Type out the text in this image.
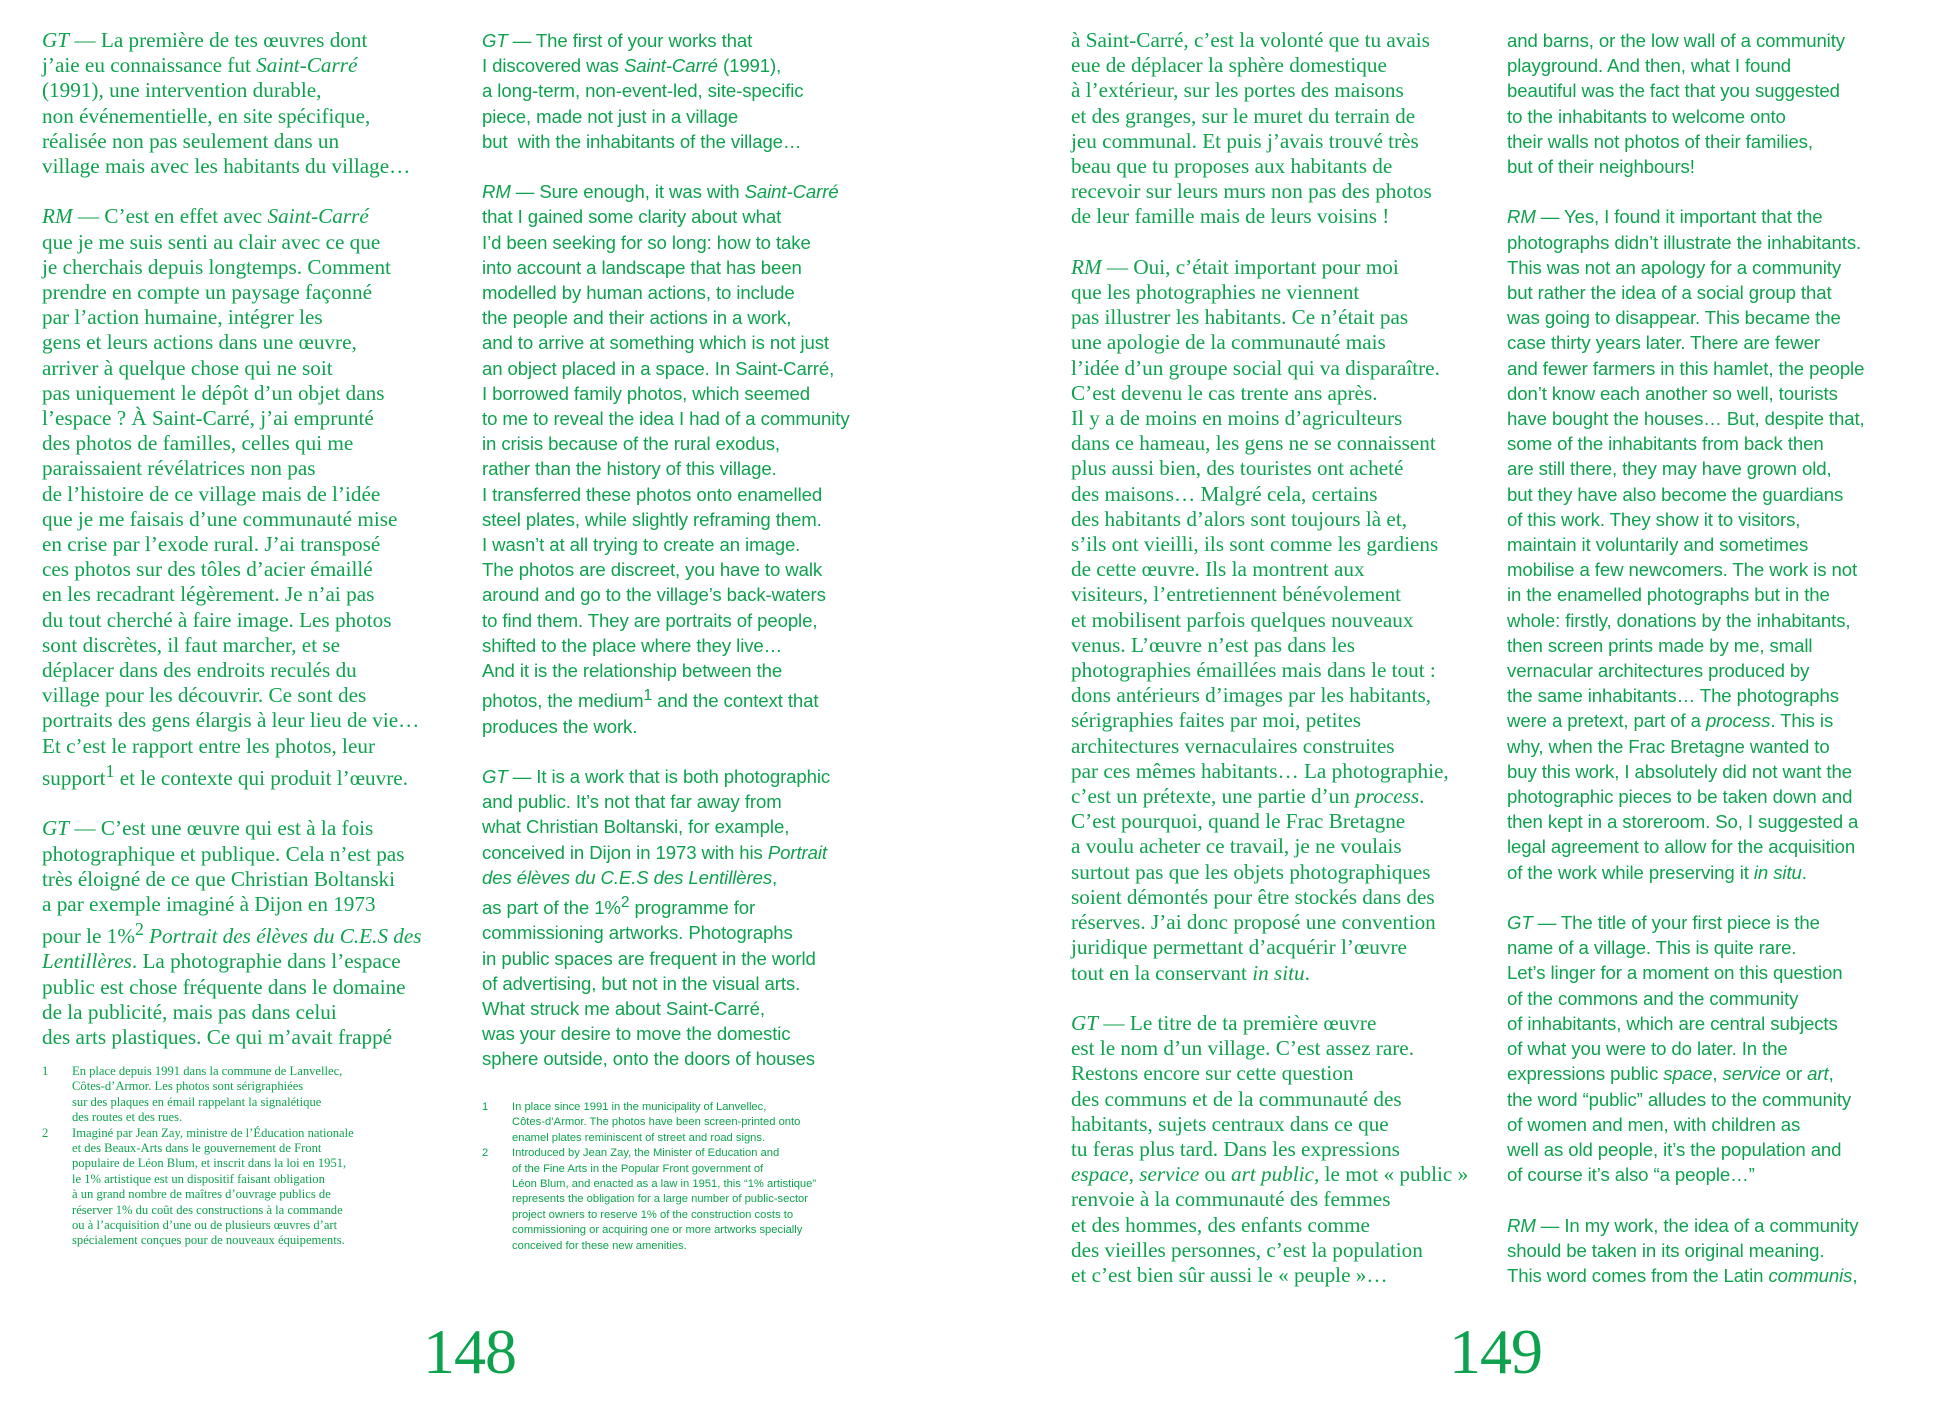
GT — La première de tes œuvres dont
j’aie eu connaissance fut Saint-Carré
(1991), une intervention durable,
non événementielle, en site spécifique,
réalisée non pas seulement dans un
village mais avec les habitants du village…
RM — C’est en effet avec Saint-Carré
que je me suis senti au clair avec ce que
je cherchais depuis longtemps. Comment
prendre en compte un paysage façonné
par l’action humaine, intégrer les
gens et leurs actions dans une œuvre,
arriver à quelque chose qui ne soit
pas uniquement le dépôt d’un objet dans
l’espace ? À Saint-Carré, j’ai emprunté
des photos de familles, celles qui me
paraissaient révélatrices non pas
de l’histoire de ce village mais de l’idée
que je me faisais d’une communauté mise
en crise par l’exode rural. J’ai transposé
ces photos sur des tôles d’acier émaillé
en les recadrant légèrement. Je n’ai pas
du tout cherché à faire image. Les photos
sont discrètes, il faut marcher, et se
déplacer dans des endroits reculés du
village pour les découvrir. Ce sont des
portraits des gens élargis à leur lieu de vie…
Et c’est le rapport entre les photos, leur
support$^1$ et le contexte qui produit l’œuvre.
GT — C’est une œuvre qui est à la fois
photographique et publique. Cela n’est pas
très éloigné de ce que Christian Boltanski
a par exemple imaginé à Dijon en 1973
pour le 1%$^2$ Portrait des élèves du C.E.S des
Lentillères. La photographie dans l’espace
public est chose fréquente dans le domaine
de la publicité, mais pas dans celui
des arts plastiques. Ce qui m’avait frappé
GT — The first of your works that
I discovered was Saint-Carré (1991),
a long-term, non-event-led, site-specific
piece, made not just in a village
but  with the inhabitants of the village…
RM — Sure enough, it was with Saint-Carré
that I gained some clarity about what
I’d been seeking for so long: how to take
into account a landscape that has been
modelled by human actions, to include
the people and their actions in a work,
and to arrive at something which is not just
an object placed in a space. In Saint-Carré,
I borrowed family photos, which seemed
to me to reveal the idea I had of a community
in crisis because of the rural exodus,
rather than the history of this village.
I transferred these photos onto enamelled
steel plates, while slightly reframing them.
I wasn’t at all trying to create an image.
The photos are discreet, you have to walk
around and go to the village’s back-waters
to find them. They are portraits of people,
shifted to the place where they live…
And it is the relationship between the
photos, the medium$^1$ and the context that
produces the work.
GT — It is a work that is both photographic
and public. It’s not that far away from
what Christian Boltanski, for example,
conceived in Dijon in 1973 with his Portrait
des élèves du C.E.S des Lentillères,
as part of the 1%$^2$ programme for
commissioning artworks. Photographs
in public spaces are frequent in the world
of advertising, but not in the visual arts.
What struck me about Saint-Carré,
was your desire to move the domestic
sphere outside, onto the doors of houses
1	En place depuis 1991 dans la commune de Lanvellec,
Côtes-d’Armor. Les photos sont sérigraphiées
sur des plaques en émail rappelant la signalétique
des routes et des rues.
2	Imaginé par Jean Zay, ministre de l’Éducation nationale
et des Beaux-Arts dans le gouvernement de Front
populaire de Léon Blum, et inscrit dans la loi en 1951,
le 1% artistique est un dispositif faisant obligation
à un grand nombre de maîtres d’ouvrage publics de
réserver 1% du coût des constructions à la commande
ou à l’acquisition d’une ou de plusieurs œuvres d’art
spécialement conçues pour de nouveaux équipements.
1	In place since 1991 in the municipality of Lanvellec,
Côtes-d’Armor. The photos have been screen-printed onto
enamel plates reminiscent of street and road signs.
2	Introduced by Jean Zay, the Minister of Education and
of the Fine Arts in the Popular Front government of
Léon Blum, and enacted as a law in 1951, this “1% artistique”
represents the obligation for a large number of public-sector
project owners to reserve 1% of the construction costs to
commissioning or acquiring one or more artworks specially
conceived for these new amenities.
148
à Saint-Carré, c’est la volonté que tu avais
eue de déplacer la sphère domestique
à l’extérieur, sur les portes des maisons
et des granges, sur le muret du terrain de
jeu communal. Et puis j’avais trouvé très
beau que tu proposes aux habitants de
recevoir sur leurs murs non pas des photos
de leur famille mais de leurs voisins !
RM — Oui, c’était important pour moi
que les photographies ne viennent
pas illustrer les habitants. Ce n’était pas
une apologie de la communauté mais
l’idée d’un groupe social qui va disparaître.
C’est devenu le cas trente ans après.
Il y a de moins en moins d’agriculteurs
dans ce hameau, les gens ne se connaissent
plus aussi bien, des touristes ont acheté
des maisons… Malgré cela, certains
des habitants d’alors sont toujours là et,
s’ils ont vieilli, ils sont comme les gardiens
de cette œuvre. Ils la montrent aux
visiteurs, l’entretiennent bénévolement
et mobilisent parfois quelques nouveaux
venus. L’œuvre n’est pas dans les
photographies émaillées mais dans le tout :
dons antérieurs d’images par les habitants,
sérigraphies faites par moi, petites
architectures vernaculaires construites
par ces mêmes habitants… La photographie,
c’est un prétexte, une partie d’un process.
C’est pourquoi, quand le Frac Bretagne
a voulu acheter ce travail, je ne voulais
surtout pas que les objets photographiques
soient démontés pour être stockés dans des
réserves. J’ai donc proposé une convention
juridique permettant d’acquérir l’œuvre
tout en la conservant in situ.
GT — Le titre de ta première œuvre
est le nom d’un village. C’est assez rare.
Restons encore sur cette question
des communs et de la communauté des
habitants, sujets centraux dans ce que
tu feras plus tard. Dans les expressions
espace, service ou art public, le mot « public »
renvoie à la communauté des femmes
et des hommes, des enfants comme
des vieilles personnes, c’est la population
et c’est bien sûr aussi le « peuple »…
and barns, or the low wall of a community
playground. And then, what I found
beautiful was the fact that you suggested
to the inhabitants to welcome onto
their walls not photos of their families,
but of their neighbours!
RM — Yes, I found it important that the
photographs didn’t illustrate the inhabitants.
This was not an apology for a community
but rather the idea of a social group that
was going to disappear. This became the
case thirty years later. There are fewer
and fewer farmers in this hamlet, the people
don’t know each another so well, tourists
have bought the houses… But, despite that,
some of the inhabitants from back then
are still there, they may have grown old,
but they have also become the guardians
of this work. They show it to visitors,
maintain it voluntarily and sometimes
mobilise a few newcomers. The work is not
in the enamelled photographs but in the
whole: firstly, donations by the inhabitants,
then screen prints made by me, small
vernacular architectures produced by
the same inhabitants… The photographs
were a pretext, part of a process. This is
why, when the Frac Bretagne wanted to
buy this work, I absolutely did not want the
photographic pieces to be taken down and
then kept in a storeroom. So, I suggested a
legal agreement to allow for the acquisition
of the work while preserving it in situ.
GT — The title of your first piece is the
name of a village. This is quite rare.
Let’s linger for a moment on this question
of the commons and the community
of inhabitants, which are central subjects
of what you were to do later. In the
expressions public space, service or art,
the word “public” alludes to the community
of women and men, with children as
well as old people, it’s the population and
of course it’s also “a people…”
RM — In my work, the idea of a community
should be taken in its original meaning.
This word comes from the Latin communis,
149
